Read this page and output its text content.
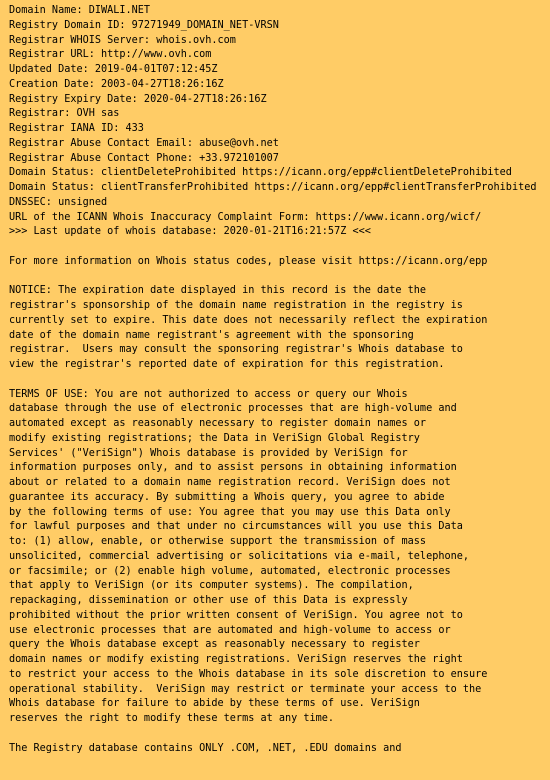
Domain Name: DIWALI.NET
Registry Domain ID: 97271949_DOMAIN_NET-VRSN
Registrar WHOIS Server: whois.ovh.com
Registrar URL: http://www.ovh.com
Updated Date: 2019-04-01T07:12:45Z
Creation Date: 2003-04-27T18:26:16Z
Registry Expiry Date: 2020-04-27T18:26:16Z
Registrar: OVH sas
Registrar IANA ID: 433
Registrar Abuse Contact Email: abuse@ovh.net
Registrar Abuse Contact Phone: +33.972101007
Domain Status: clientDeleteProhibited https://icann.org/epp#clientDeleteProhibited
Domain Status: clientTransferProhibited https://icann.org/epp#clientTransferProhibited
DNSSEC: unsigned
URL of the ICANN Whois Inaccuracy Complaint Form: https://www.icann.org/wicf/
>>> Last update of whois database: 2020-01-21T16:21:57Z <<<
For more information on Whois status codes, please visit https://icann.org/epp
NOTICE: The expiration date displayed in this record is the date the
registrar's sponsorship of the domain name registration in the registry is
currently set to expire. This date does not necessarily reflect the expiration
date of the domain name registrant's agreement with the sponsoring
registrar.  Users may consult the sponsoring registrar's Whois database to
view the registrar's reported date of expiration for this registration.
TERMS OF USE: You are not authorized to access or query our Whois
database through the use of electronic processes that are high-volume and
automated except as reasonably necessary to register domain names or
modify existing registrations; the Data in VeriSign Global Registry
Services' ("VeriSign") Whois database is provided by VeriSign for
information purposes only, and to assist persons in obtaining information
about or related to a domain name registration record. VeriSign does not
guarantee its accuracy. By submitting a Whois query, you agree to abide
by the following terms of use: You agree that you may use this Data only
for lawful purposes and that under no circumstances will you use this Data
to: (1) allow, enable, or otherwise support the transmission of mass
unsolicited, commercial advertising or solicitations via e-mail, telephone,
or facsimile; or (2) enable high volume, automated, electronic processes
that apply to VeriSign (or its computer systems). The compilation,
repackaging, dissemination or other use of this Data is expressly
prohibited without the prior written consent of VeriSign. You agree not to
use electronic processes that are automated and high-volume to access or
query the Whois database except as reasonably necessary to register
domain names or modify existing registrations. VeriSign reserves the right
to restrict your access to the Whois database in its sole discretion to ensure
operational stability.  VeriSign may restrict or terminate your access to the
Whois database for failure to abide by these terms of use. VeriSign
reserves the right to modify these terms at any time.
The Registry database contains ONLY .COM, .NET, .EDU domains and
